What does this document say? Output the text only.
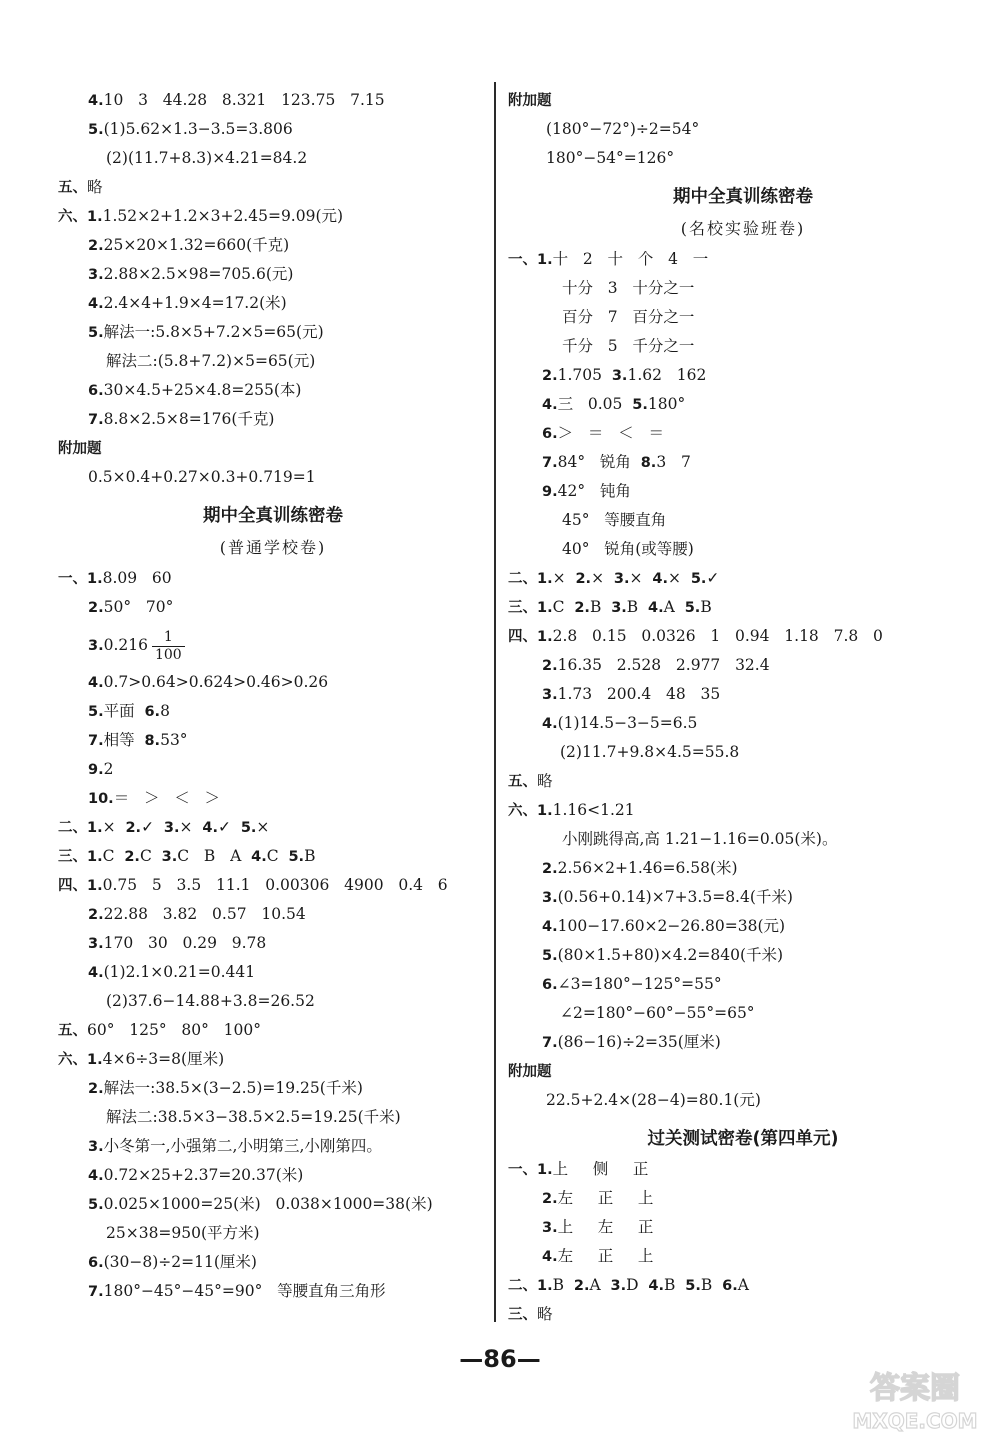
4.10   3   44.28   8.321   123.75   7.15
5.(1)5.62×1.3−3.5=3.806
(2)(11.7+8.3)×4.21=84.2
五、略
六、1.1.52×2+1.2×3+2.45=9.09(元)
2.25×20×1.32=660(千克)
3.2.88×2.5×98=705.6(元)
4.2.4×4+1.9×4=17.2(米)
5.解法一:5.8×5+7.2×5=65(元)
解法二:(5.8+7.2)×5=65(元)
6.30×4.5+25×4.8=255(本)
7.8.8×2.5×8=176(千克)
附加题
0.5×0.4+0.27×0.3+0.719=1
期中全真训练密卷
(普通学校卷)
一、1.8.09   60
2.50°   70°
$3.0.216 \frac{1}{100}$
4.0.7>0.64>0.624>0.46>0.26
5.平面  6.8
7.相等  8.53°
9.2
10.＝   ＞   ＜   ＞
二、1.×  2.✓  3.×  4.✓  5.×
三、1.C  2.C  3.C   B   A  4.C  5.B
四、1.0.75   5   3.5   11.1   0.00306   4900   0.4   6
2.22.88   3.82   0.57   10.54
3.170   30   0.29   9.78
4.(1)2.1×0.21=0.441
(2)37.6−14.88+3.8=26.52
五、60°   125°   80°   100°
六、1.4×6÷3=8(厘米)
2.解法一:38.5×(3−2.5)=19.25(千米)
解法二:38.5×3−38.5×2.5=19.25(千米)
3.小冬第一,小强第二,小明第三,小刚第四。
4.0.72×25+2.37=20.37(米)
5.0.025×1000=25(米)   0.038×1000=38(米)
25×38=950(平方米)
6.(30−8)÷2=11(厘米)
7.180°−45°−45°=90°   等腰直角三角形
附加题
(180°−72°)÷2=54°
180°−54°=126°
期中全真训练密卷
(名校实验班卷)
一、1.十   2   十   个   4   一
十分   3   十分之一
百分   7   百分之一
千分   5   千分之一
2.1.705  3.1.62   162
4.三   0.05  5.180°
6.＞   ＝   ＜   ＝
7.84°   锐角  8.3   7
9.42°   钝角
45°   等腰直角
40°   锐角(或等腰)
二、1.×  2.×  3.×  4.×  5.✓
三、1.C  2.B  3.B  4.A  5.B
四、1.2.8   0.15   0.0326   1   0.94   1.18   7.8   0
2.16.35   2.528   2.977   32.4
3.1.73   200.4   48   35
4.(1)14.5−3−5=6.5
(2)11.7+9.8×4.5=55.8
五、略
六、1.1.16<1.21
小刚跳得高,高 1.21−1.16=0.05(米)。
2.2.56×2+1.46=6.58(米)
3.(0.56+0.14)×7+3.5=8.4(千米)
4.100−17.60×2−26.80=38(元)
5.(80×1.5+80)×4.2=840(千米)
6.∠3=180°−125°=55°
∠2=180°−60°−55°=65°
7.(86−16)÷2=35(厘米)
附加题
22.5+2.4×(28−4)=80.1(元)
过关测试密卷(第四单元)
一、1.上     侧     正
2.左     正     上
3.上     左     正
4.左     正     上
二、1.B  2.A  3.D  4.B  5.B  6.A
三、略
—86—
答案圈
MXQE.COM
